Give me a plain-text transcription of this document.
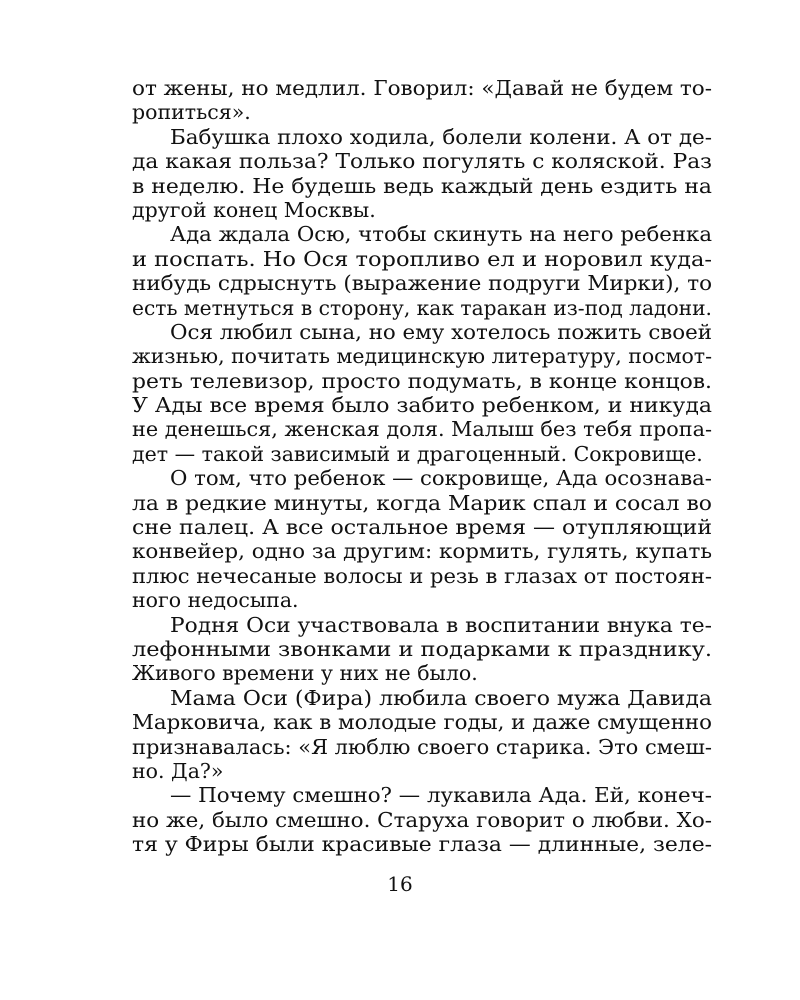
от жены, но медлил. Говорил: «Давай не будем то-
ропиться».
Бабушка плохо ходила, болели колени. А от де-
да какая польза? Только погулять с коляской. Раз
в неделю. Не будешь ведь каждый день ездить на
другой конец Москвы.
Ада ждала Осю, чтобы скинуть на него ребенка
и поспать. Но Ося торопливо ел и норовил куда-
нибудь сдрыснуть (выражение подруги Мирки), то
есть метнуться в сторону, как таракан из-под ладони.
Ося любил сына, но ему хотелось пожить своей
жизнью, почитать медицинскую литературу, посмот-
реть телевизор, просто подумать, в конце концов.
У Ады все время было забито ребенком, и никуда
не денешься, женская доля. Малыш без тебя пропа-
дет — такой зависимый и драгоценный. Сокровище.
О том, что ребенок — сокровище, Ада осознава-
ла в редкие минуты, когда Марик спал и сосал во
сне палец. А все остальное время — отупляющий
конвейер, одно за другим: кормить, гулять, купать
плюс нечесаные волосы и резь в глазах от постоян-
ного недосыпа.
Родня Оси участвовала в воспитании внука те-
лефонными звонками и подарками к празднику.
Живого времени у них не было.
Мама Оси (Фира) любила своего мужа Давида
Марковича, как в молодые годы, и даже смущенно
признавалась: «Я люблю своего старика. Это смеш-
но. Да?»
— Почему смешно? — лукавила Ада. Ей, конеч-
но же, было смешно. Старуха говорит о любви. Хо-
тя у Фиры были красивые глаза — длинные, зеле-
16
